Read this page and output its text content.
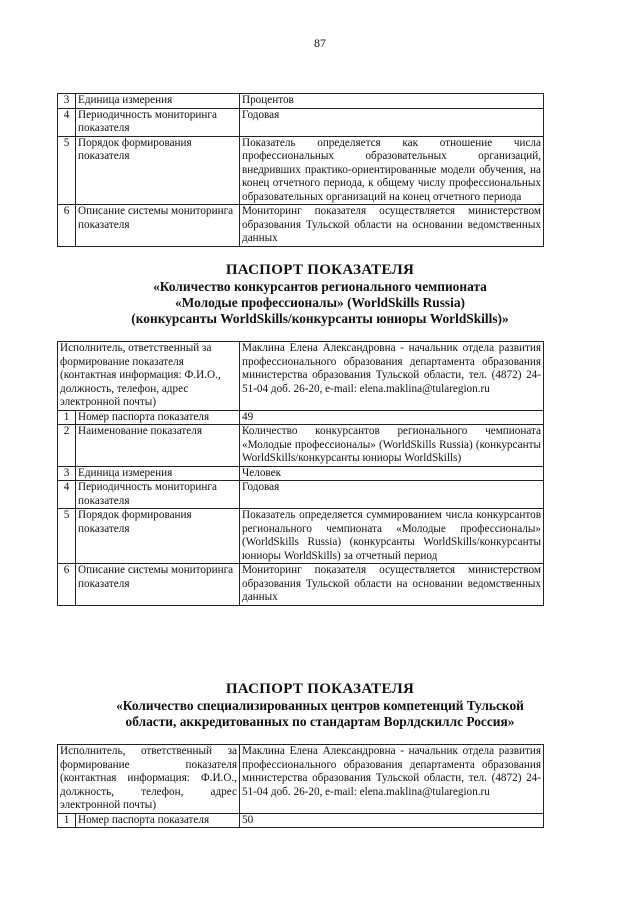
87
3	Единица измерения	Процентов
4	Периодичность мониторинга показателя	Годовая
5	Порядок формирования показателя	Показатель определяется как отношение числа профессиональных образовательных организаций, внедривших практико-ориентированные модели обучения, на конец отчетного периода, к общему числу профессиональных образовательных организаций на конец отчетного периода
6	Описание системы мониторинга показателя	Мониторинг показателя осуществляется министерством образования Тульской области на основании ведомственных данных
ПАСПОРТ ПОКАЗАТЕЛЯ
«Количество конкурсантов регионального чемпионата
«Молодые профессионалы» (WorldSkills Russia)
(конкурсанты WorldSkills/конкурсанты юниоры WorldSkills)»
Исполнитель, ответственный за формирование показателя (контактная информация: Ф.И.О., должность, телефон, адрес электронной почты)		Маклина Елена Александровна - начальник отдела развития профессионального образования департамента образования министерства образования Тульской области, тел. (4872) 24-51-04 доб. 26-20, e-mail: elena.maklina@tularegion.ru
1	Номер паспорта показателя	49
2	Наименование показателя	Количество конкурсантов регионального чемпионата «Молодые профессионалы» (WorldSkills Russia) (конкурсанты WorldSkills/конкурсанты юниоры WorldSkills)
3	Единица измерения	Человек
4	Периодичность мониторинга показателя	Годовая
5	Порядок формирования показателя	Показатель определяется суммированием числа конкурсантов регионального чемпионата «Молодые профессионалы» (WorldSkills Russia) (конкурсанты WorldSkills/конкурсанты юниоры WorldSkills) за отчетный период
6	Описание системы мониторинга показателя	Мониторинг показателя осуществляется министерством образования Тульской области на основании ведомственных данных
ПАСПОРТ ПОКАЗАТЕЛЯ
«Количество специализированных центров компетенций Тульской
области, аккредитованных по стандартам Ворлдскиллс Россия»
Исполнитель, ответственный за формирование показателя (контактная информация: Ф.И.О., должность, телефон, адрес электронной почты)		Маклина Елена Александровна - начальник отдела развития профессионального образования департамента образования министерства образования Тульской области, тел. (4872) 24-51-04 доб. 26-20, e-mail: elena.maklina@tularegion.ru
1	Номер паспорта показателя	50
